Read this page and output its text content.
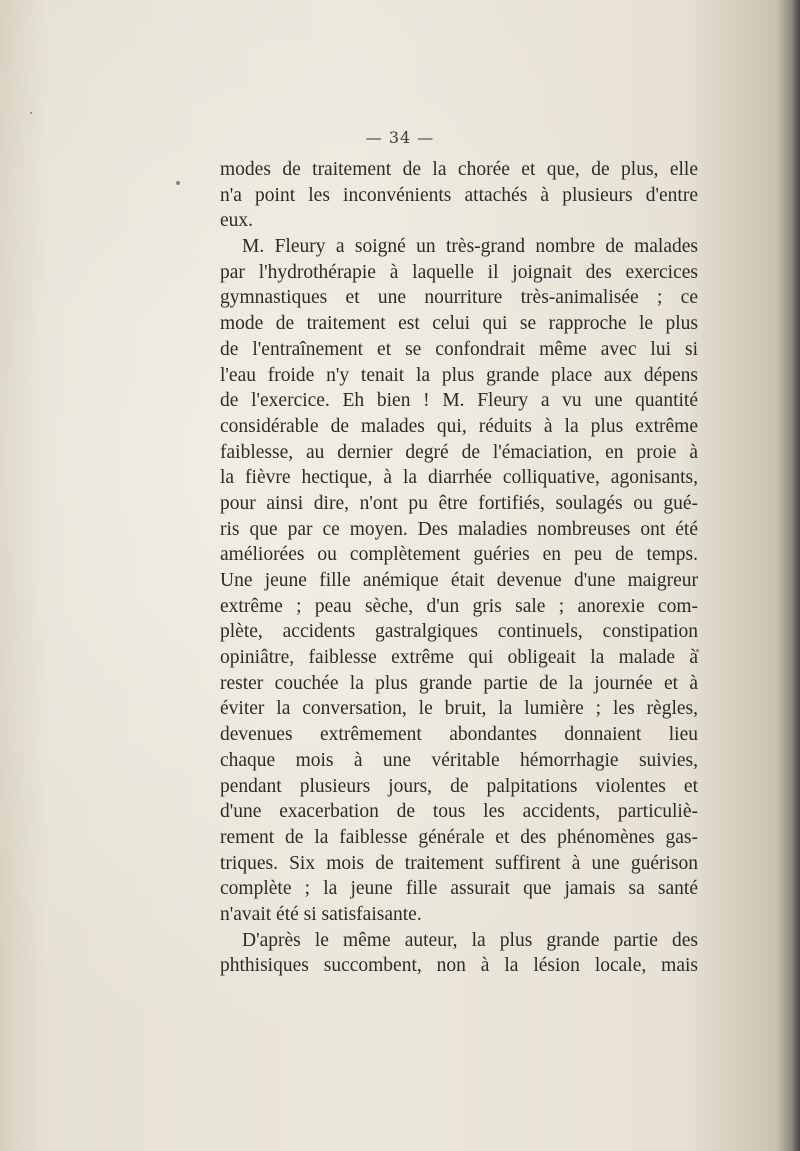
— 34 —
modes de traitement de la chorée et que, de plus, elle
n'a point les inconvénients attachés à plusieurs d'entre
eux.
M. Fleury a soigné un très-grand nombre de malades
par l'hydrothérapie à laquelle il joignait des exercices
gymnastiques et une nourriture très-animalisée ; ce
mode de traitement est celui qui se rapproche le plus
de l'entraînement et se confondrait même avec lui si
l'eau froide n'y tenait la plus grande place aux dépens
de l'exercice. Eh bien ! M. Fleury a vu une quantité
considérable de malades qui, réduits à la plus extrême
faiblesse, au dernier degré de l'émaciation, en proie à
la fièvre hectique, à la diarrhée colliquative, agonisants,
pour ainsi dire, n'ont pu être fortifiés, soulagés ou gué-
ris que par ce moyen. Des maladies nombreuses ont été
améliorées ou complètement guéries en peu de temps.
Une jeune fille anémique était devenue d'une maigreur
extrême ; peau sèche, d'un gris sale ; anorexie com-
plète, accidents gastralgiques continuels, constipation
opiniâtre, faiblesse extrême qui obligeait la malade à
rester couchée la plus grande partie de la journée et à
éviter la conversation, le bruit, la lumière ; les règles,
devenues extrêmement abondantes donnaient lieu
chaque mois à une véritable hémorrhagie suivies,
pendant plusieurs jours, de palpitations violentes et
d'une exacerbation de tous les accidents, particuliè-
rement de la faiblesse générale et des phénomènes gas-
triques. Six mois de traitement suffirent à une guérison
complète ; la jeune fille assurait que jamais sa santé
n'avait été si satisfaisante.
D'après le même auteur, la plus grande partie des
phthisiques succombent, non à la lésion locale, mais
